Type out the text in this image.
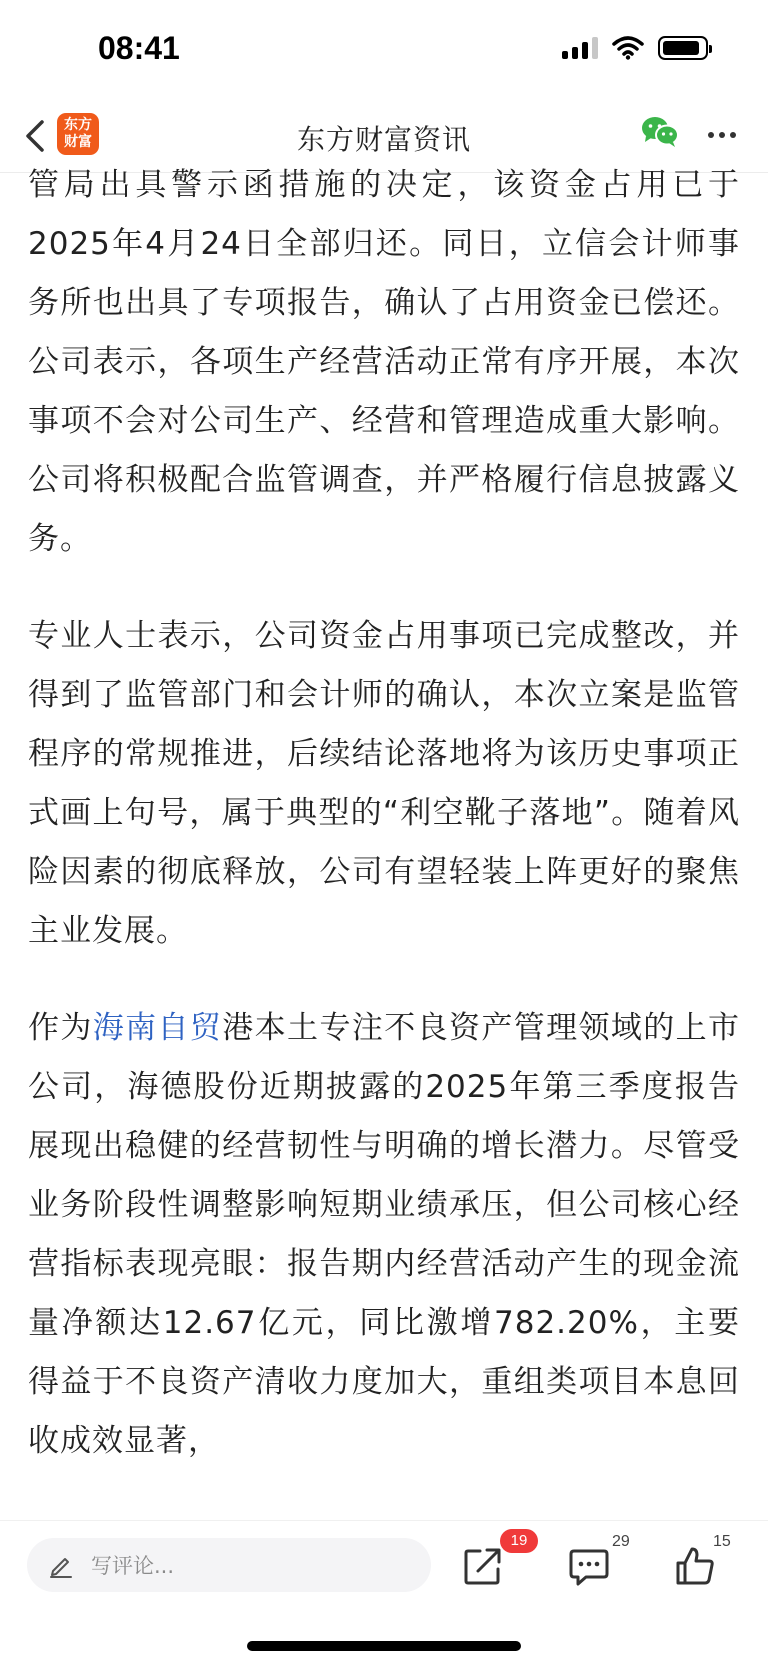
08:41
东方
财富	东方财富资讯

管局出具警示函措施的决定，该资金占用已于2025年4月24日全部归还。同日，立信会计师事务所也出具了专项报告，确认了占用资金已偿还。公司表示，各项生产经营活动正常有序开展，本次事项不会对公司生产、经营和管理造成重大影响。公司将积极配合监管调查，并严格履行信息披露义务。

专业人士表示，公司资金占用事项已完成整改，并得到了监管部门和会计师的确认，本次立案是监管程序的常规推进，后续结论落地将为该历史事项正式画上句号，属于典型的“利空靴子落地”。随着风险因素的彻底释放，公司有望轻装上阵更好的聚焦主业发展。

作为海南自贸港本土专注不良资产管理领域的上市公司，海德股份近期披露的2025年第三季度报告展现出稳健的经营韧性与明确的增长潜力。尽管受业务阶段性调整影响短期业绩承压，但公司核心经营指标表现亮眼：报告期内经营活动产生的现金流量净额达12.67亿元，同比激增782.20%，主要得益于不良资产清收力度加大，重组类项目本息回收成效显著，

写评论...
19	29	15
